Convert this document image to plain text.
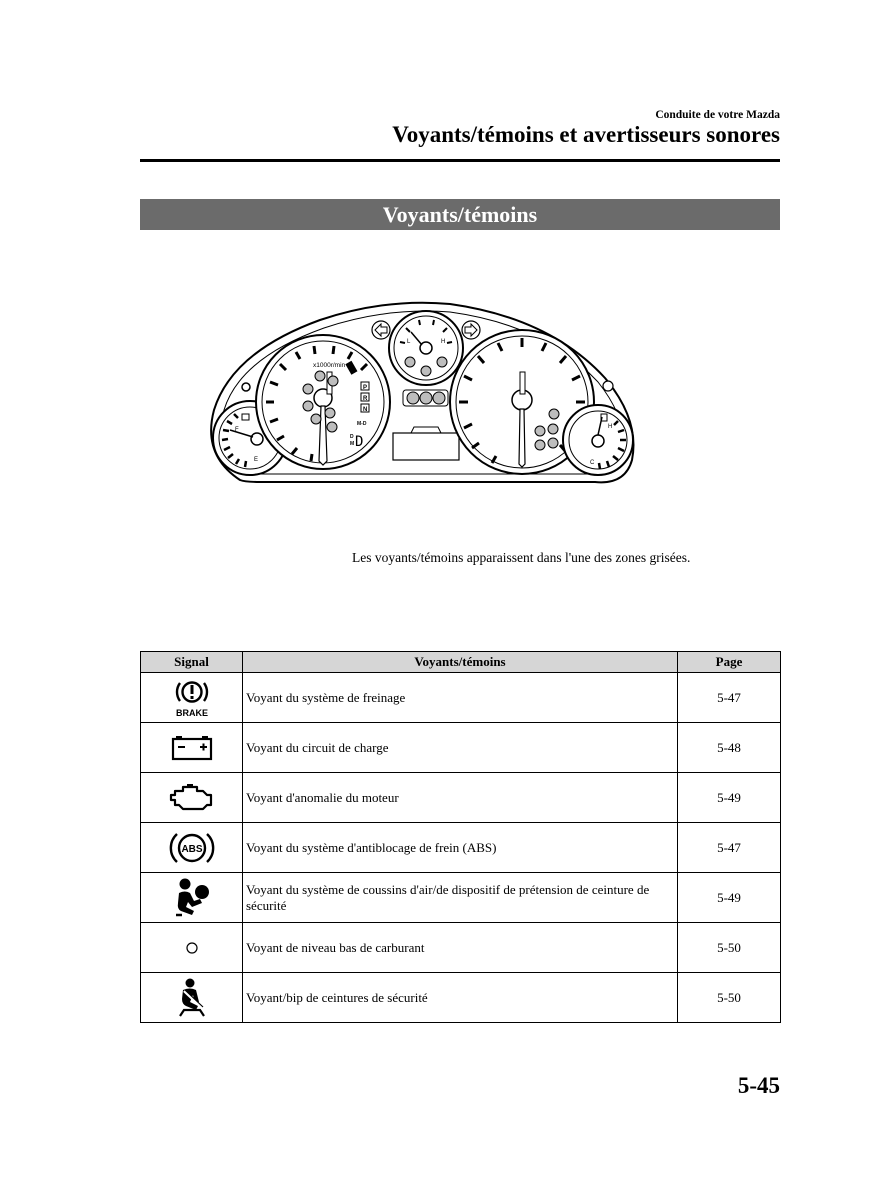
Conduite de votre Mazda
Voyants/témoins et avertisseurs sonores
Voyants/témoins
F
E
x1000r/min
P
R
N
M-D
D
M D
L	H
H
C
Les voyants/témoins apparaissent dans l'une des zones grisées.
Signal	Voyants/témoins	Page

BRAKE	Voyant du système de freinage	5-47

	Voyant du circuit de charge	5-48

	Voyant d'anomalie du moteur	5-49

ABS	Voyant du système d'antiblocage de frein (ABS)	5-47

	Voyant du système de coussins d'air/de dispositif de prétension de ceinture de sécurité	5-49

	Voyant de niveau bas de carburant	5-50

	Voyant/bip de ceintures de sécurité	5-50
5-45
